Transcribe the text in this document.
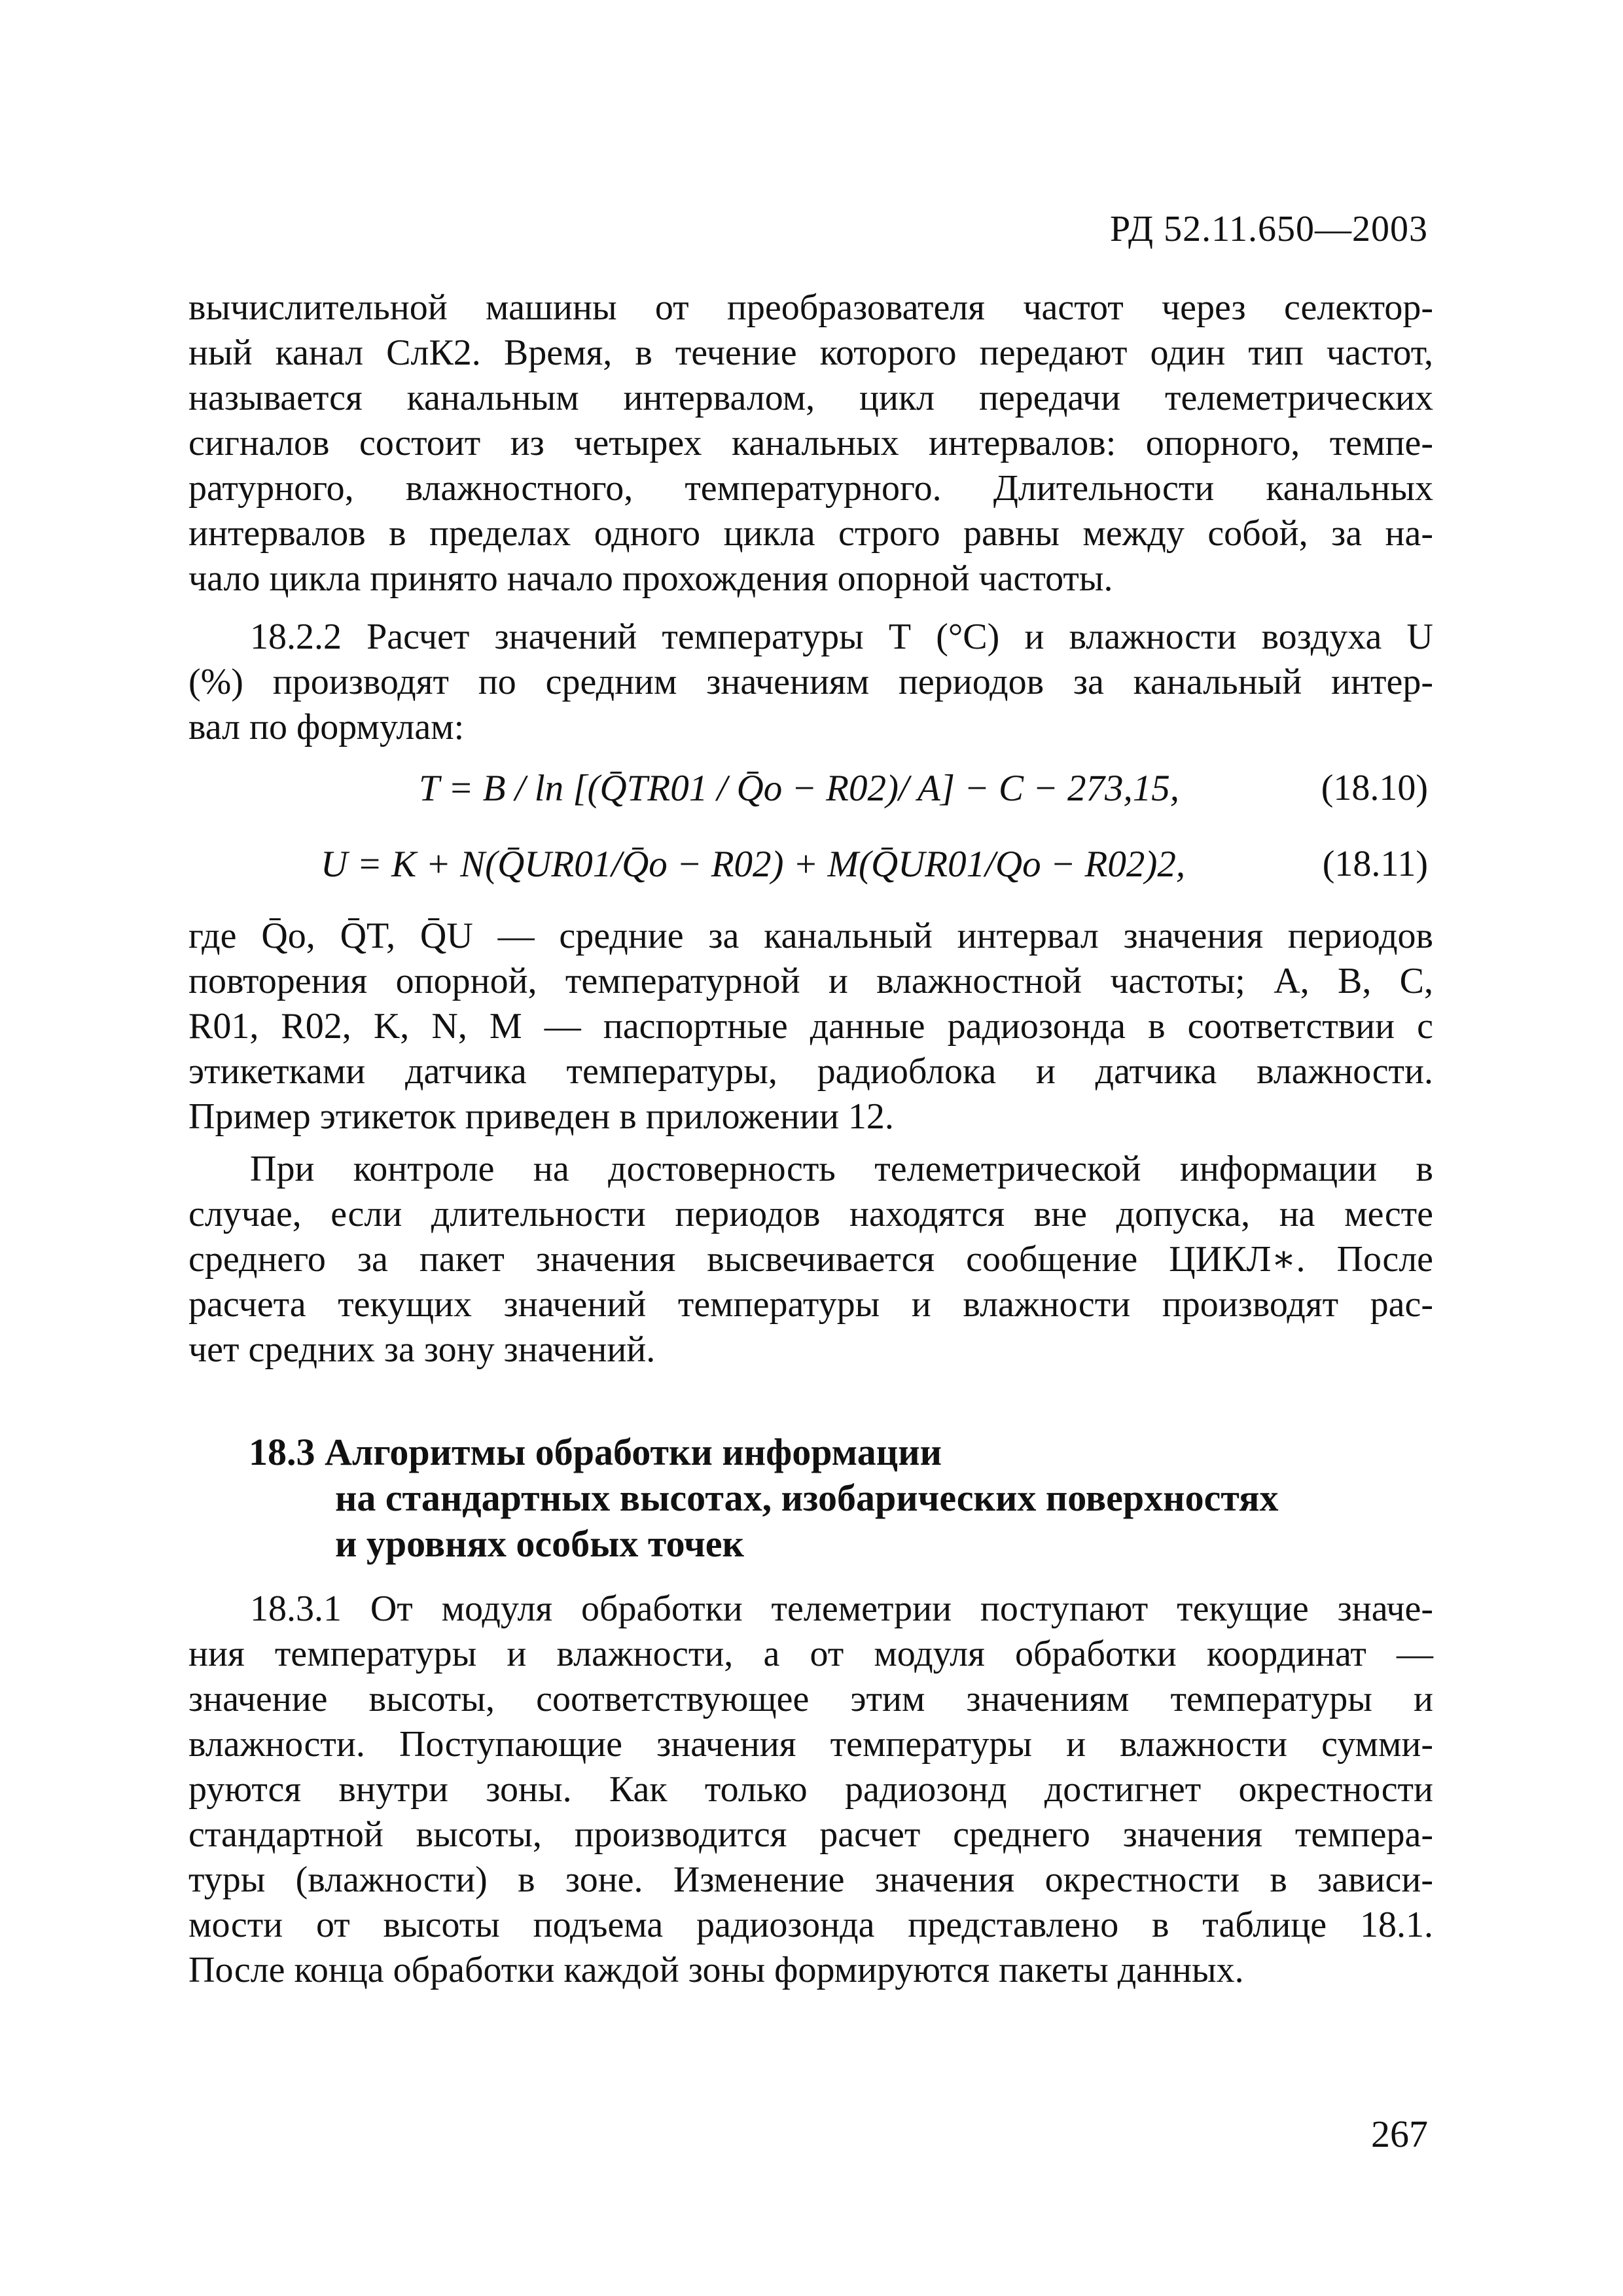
РД 52.11.650—2003
вычислительной машины от преобразователя частот через селектор-
ный канал СлК2. Время, в течение которого передают один тип частот,
называется канальным интервалом, цикл передачи телеметрических
сигналов состоит из четырех канальных интервалов: опорного, темпе-
ратурного, влажностного, температурного. Длительности канальных
интервалов в пределах одного цикла строго равны между собой, за на-
чало цикла принято начало прохождения опорной частоты.
18.2.2 Расчет значений температуры Т (°С) и влажности воздуха U
(%) производят по средним значениям периодов за канальный интер-
вал по формулам:
T = B / ln [(Q̄TR01 / Q̄o − R02)/ A] − C − 273,15,	(18.10)
U = K + N(Q̄UR01/Q̄o − R02) + M(Q̄UR01/Qo − R02)2,	(18.11)
где Q̄o, Q̄T, Q̄U — средние за канальный интервал значения периодов
повторения опорной, температурной и влажностной частоты; A, B, C,
R01, R02, K, N, M — паспортные данные радиозонда в соответствии с
этикетками датчика температуры, радиоблока и датчика влажности.
Пример этикеток приведен в приложении 12.
При контроле на достоверность телеметрической информации в
случае, если длительности периодов находятся вне допуска, на месте
среднего за пакет значения высвечивается сообщение ЦИКЛ∗. После
расчета текущих значений температуры и влажности производят рас-
чет средних за зону значений.
18.3 Алгоритмы обработки информации
на стандартных высотах, изобарических поверхностях
и уровнях особых точек
18.3.1 От модуля обработки телеметрии поступают текущие значе-
ния температуры и влажности, а от модуля обработки координат —
значение высоты, соответствующее этим значениям температуры и
влажности. Поступающие значения температуры и влажности сумми-
руются внутри зоны. Как только радиозонд достигнет окрестности
стандартной высоты, производится расчет среднего значения темпера-
туры (влажности) в зоне. Изменение значения окрестности в зависи-
мости от высоты подъема радиозонда представлено в таблице 18.1.
После конца обработки каждой зоны формируются пакеты данных.
267
